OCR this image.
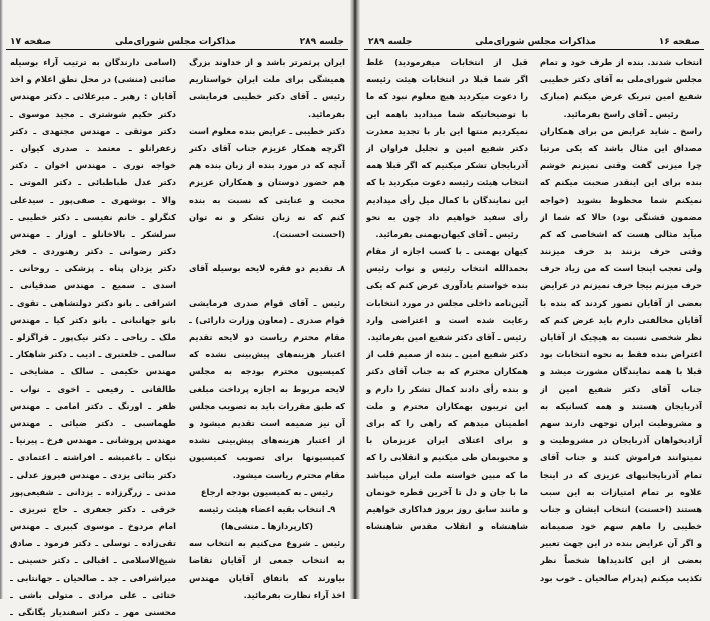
صفحه ۱۷	مذاکرات مجلس شورای‌ملی	جلسه ۲۸۹
ایران پرثمرتر باشد و از خداوند بزرگ
همیشگی برای ملت ایران خواستاریم
رئیس ـ آقای دکتر خطیبی فرمایشی
بفرمائید.
دکتر خطیبی ـ عرایض بنده معلوم است
اگرچه همکار عزیزم جناب آقای دکتر
آنچه که در مورد بنده از زبان بنده هم
هم حضور دوستان و همکاران عزیزم
محبت و عنایتی که نسبت به بنده
کنم که نه زبان تشکر و نه توان
(احسنت احسنت).
۸ـ تقدیم دو فقره لایحه بوسیله آقای
رئیس ـ آقای قوام صدری فرمایشی
قوام صدری ـ (معاون وزارت دارائی) ـ
مقام محترم ریاست دو لایحه تقدیم
اعتبار هزینه‌های پیش‌بینی نشده که
کمیسیون محترم بودجه به مجلس
لایحه مربوط به اجازه پرداخت مبلغی
که طبق مقررات باید به تصویب مجلس
آن نیز ضمیمه است تقدیم میشود و
از اعتبار هزینه‌های پیش‌بینی نشده
کمیسیونها برای تصویب کمیسیون
مقام محترم ریاست میشود.
رئیس ـ به کمیسیون بودجه ارجاع
۹ـ انتخاب بقیه اعضاء هیئت رئیسه
(کارپردازها ـ منشی‌ها)
رئیس ـ شروع می‌کنیم به انتخاب سه
به انتخاب جمعی از آقایان تقاضا
بیاورند که باتفاق آقایان مهندس
اخذ آراء نظارت بفرمائید.
(اسامی دارندگان به ترتیب آراء بوسیله
صائبی (منشی) در محل نطق اعلام و اخذ
آقایان : رهبر ـ میرعلائی ـ دکتر مهندس
دکتر حکیم شوشتری ـ مجید موسوی ـ
دکتر موثقی ـ مهندس مجتهدی ـ دکتر
زعفرانلو ـ معتمد ـ صدری کیوان ـ
خواجه نوری ـ مهندس اخوان ـ دکتر
دکتر عدل طباطبائی ـ دکتر الموتی ـ
والا ـ بوشهری ـ صفی‌پور ـ سیدعلی
کنگرلو ـ خانم نفیسی ـ دکتر خطیبی ـ
سرلشکر ـ بالاخانلو ـ اوزار ـ مهندس
دکتر رضوانی ـ دکتر رهنوردی ـ فخر
دکتر یزدان پناه ـ پزشکی ـ روحانی ـ
اسدی ـ سمیع ـ مهندس صدقیانی ـ
اشراقی ـ بانو دکتر دولتشاهی ـ تقوی ـ
بانو جهانبانی ـ بانو دکتر کیا ـ مهندس
ملک ـ ریاحی ـ دکتر نیک‌پور ـ قراگزلو ـ
سالمی ـ خلعتبری ـ ادیب ـ دکتر شاهکار ـ
مهندس حکیمی ـ سالک ـ مشایخی ـ
طالقانی ـ رفیعی ـ اخوی ـ نواب ـ
ظفر ـ اورنگ ـ دکتر امامی ـ مهندس
طهماسبی ـ دکتر ضیائی ـ مهندس
مهندس پروشانی ـ مهندس فرخ ـ پیرنیا ـ
نیکان ـ باغمیشه ـ افراشته ـ اعتمادی ـ
دکتر بنائی یزدی ـ مهندس فیروز عدلی ـ
مدنی ـ زرگرزاده ـ یزدانی ـ شفیعی‌پور
خرقی ـ دکتر جعفری ـ حاج تبریزی ـ
امام مردوخ ـ موسوی کبیری ـ مهندس
تقی‌زاده ـ توسلی ـ دکتر فرمود ـ صادق
شیخ‌الاسلامی ـ اقبالی ـ دکتر حسینی ـ
میراشرافی ـ جد ـ صالحیان ـ جهانتابی ـ
ختائی ـ علی مرادی ـ متولی باشی ـ
محسنی مهر ـ دکتر اسفندیار یگانگی ـ
جلسه ۲۸۹	مذاکرات مجلس شورای‌ملی	صفحه ۱۶
انتخاب شدند. بنده از طرف خود و تمام
مجلس شورای‌ملی به آقای دکتر خطیبی
شفیع امین تبریک عرض میکنم (مبارک
رئیس ـ آقای راسخ بفرمائید.
راسخ ـ شاید عرایض من برای همکاران
مصداق این مثال باشد که یکی مرتبا
چرا میزنی گفت وقتی نمیزنم خوشم
بنده برای این اینقدر صحبت میکنم که
نمیکنم شما محظوظ بشوید (خواجه
مضمون قشنگی بود) حالا که شما از
میآید مثالی هست که اشخاصی که کم
وقتی حرف بزنند بد حرف میزنند
ولی تعجب اینجا است که من زیاد حرف
حرف میزنم بیجا حرف نمیزنم در عرایض
بعضی از آقایان تصور کردند که بنده با
آقایان مخالفتی دارم باید عرض کنم که
نظر شخصی نسبت به هیچیک از آقایان
اعتراض بنده فقط به نحوه انتخابات بود
قبلا با همه نمایندگان مشورت میشد و
جناب آقای دکتر شفیع امین از
آذربایجان هستند و همه کسانیکه به
و مشروطیت ایران توجهی دارند سهم
آزادیخواهان آذربایجان در مشروطیت و
نمیتوانند فراموش کنند و جناب آقای
تمام آذربایجانیهای عزیزی که در اینجا
علاوه بر تمام امتیازات به این سبب
هستند (احسنت) انتخاب ایشان و جناب
خطیبی را ماهم سهم خود صمیمانه
و اگر آن عرایض بنده در این جهت تعبیر
بعضی از این کاندیداها شخصاً نظر
تکذیب میکنم (پدرام صالحیان ـ خوب بود
قبل از انتخابات میفرمودید) غلط
اگر شما قبلا در انتخابات هیئت رئیسه
را دعوت میکردید هیچ معلوم نبود که ما
با توضیحاتیکه شما میدادید باهمه این
نمیکردیم منتها این بار با تجدید معذرت
دکتر شفیع امین و تجلیل فراوان از
آذربایجان تشکر میکنیم که اگر قبلا همه
انتخاب هیئت رئیسه دعوت میکردید با که
این نمایندگان با کمال میل رأی میدادیم
رأی سفید خواهیم داد چون به نحو
رئیس ـ آقای کیهان‌بهمنی بفرمائید.
کیهان بهمنی ـ با کسب اجازه از مقام
بحمدالله انتخاب رئیس و نواب رئیس
بنده خواستم یادآوری عرض کنم که یکی
آئین‌نامه داخلی مجلس در مورد انتخابات
رعایت شده است و اعتراضی وارد
رئیس ـ آقای دکتر شفیع امین بفرمائید.
دکتر شفیع امین ـ بنده از صمیم قلب از
همکاران محترم که به جناب آقای دکتر
و بنده رأی دادند کمال تشکر را دارم و
این تریبون بهمکاران محترم و ملت
اطمینان میدهم که راهی را که برای
و برای اعتلای ایران عزیزمان با
و محبوبمان طی میکنیم و انقلابی را که
ما که مبین خواسته ملت ایران میباشد
ما با جان و دل تا آخرین قطره خونمان
و مانند سابق روز بروز فداکاری خواهیم
شاهنشاه و انقلاب مقدس شاهنشاه
